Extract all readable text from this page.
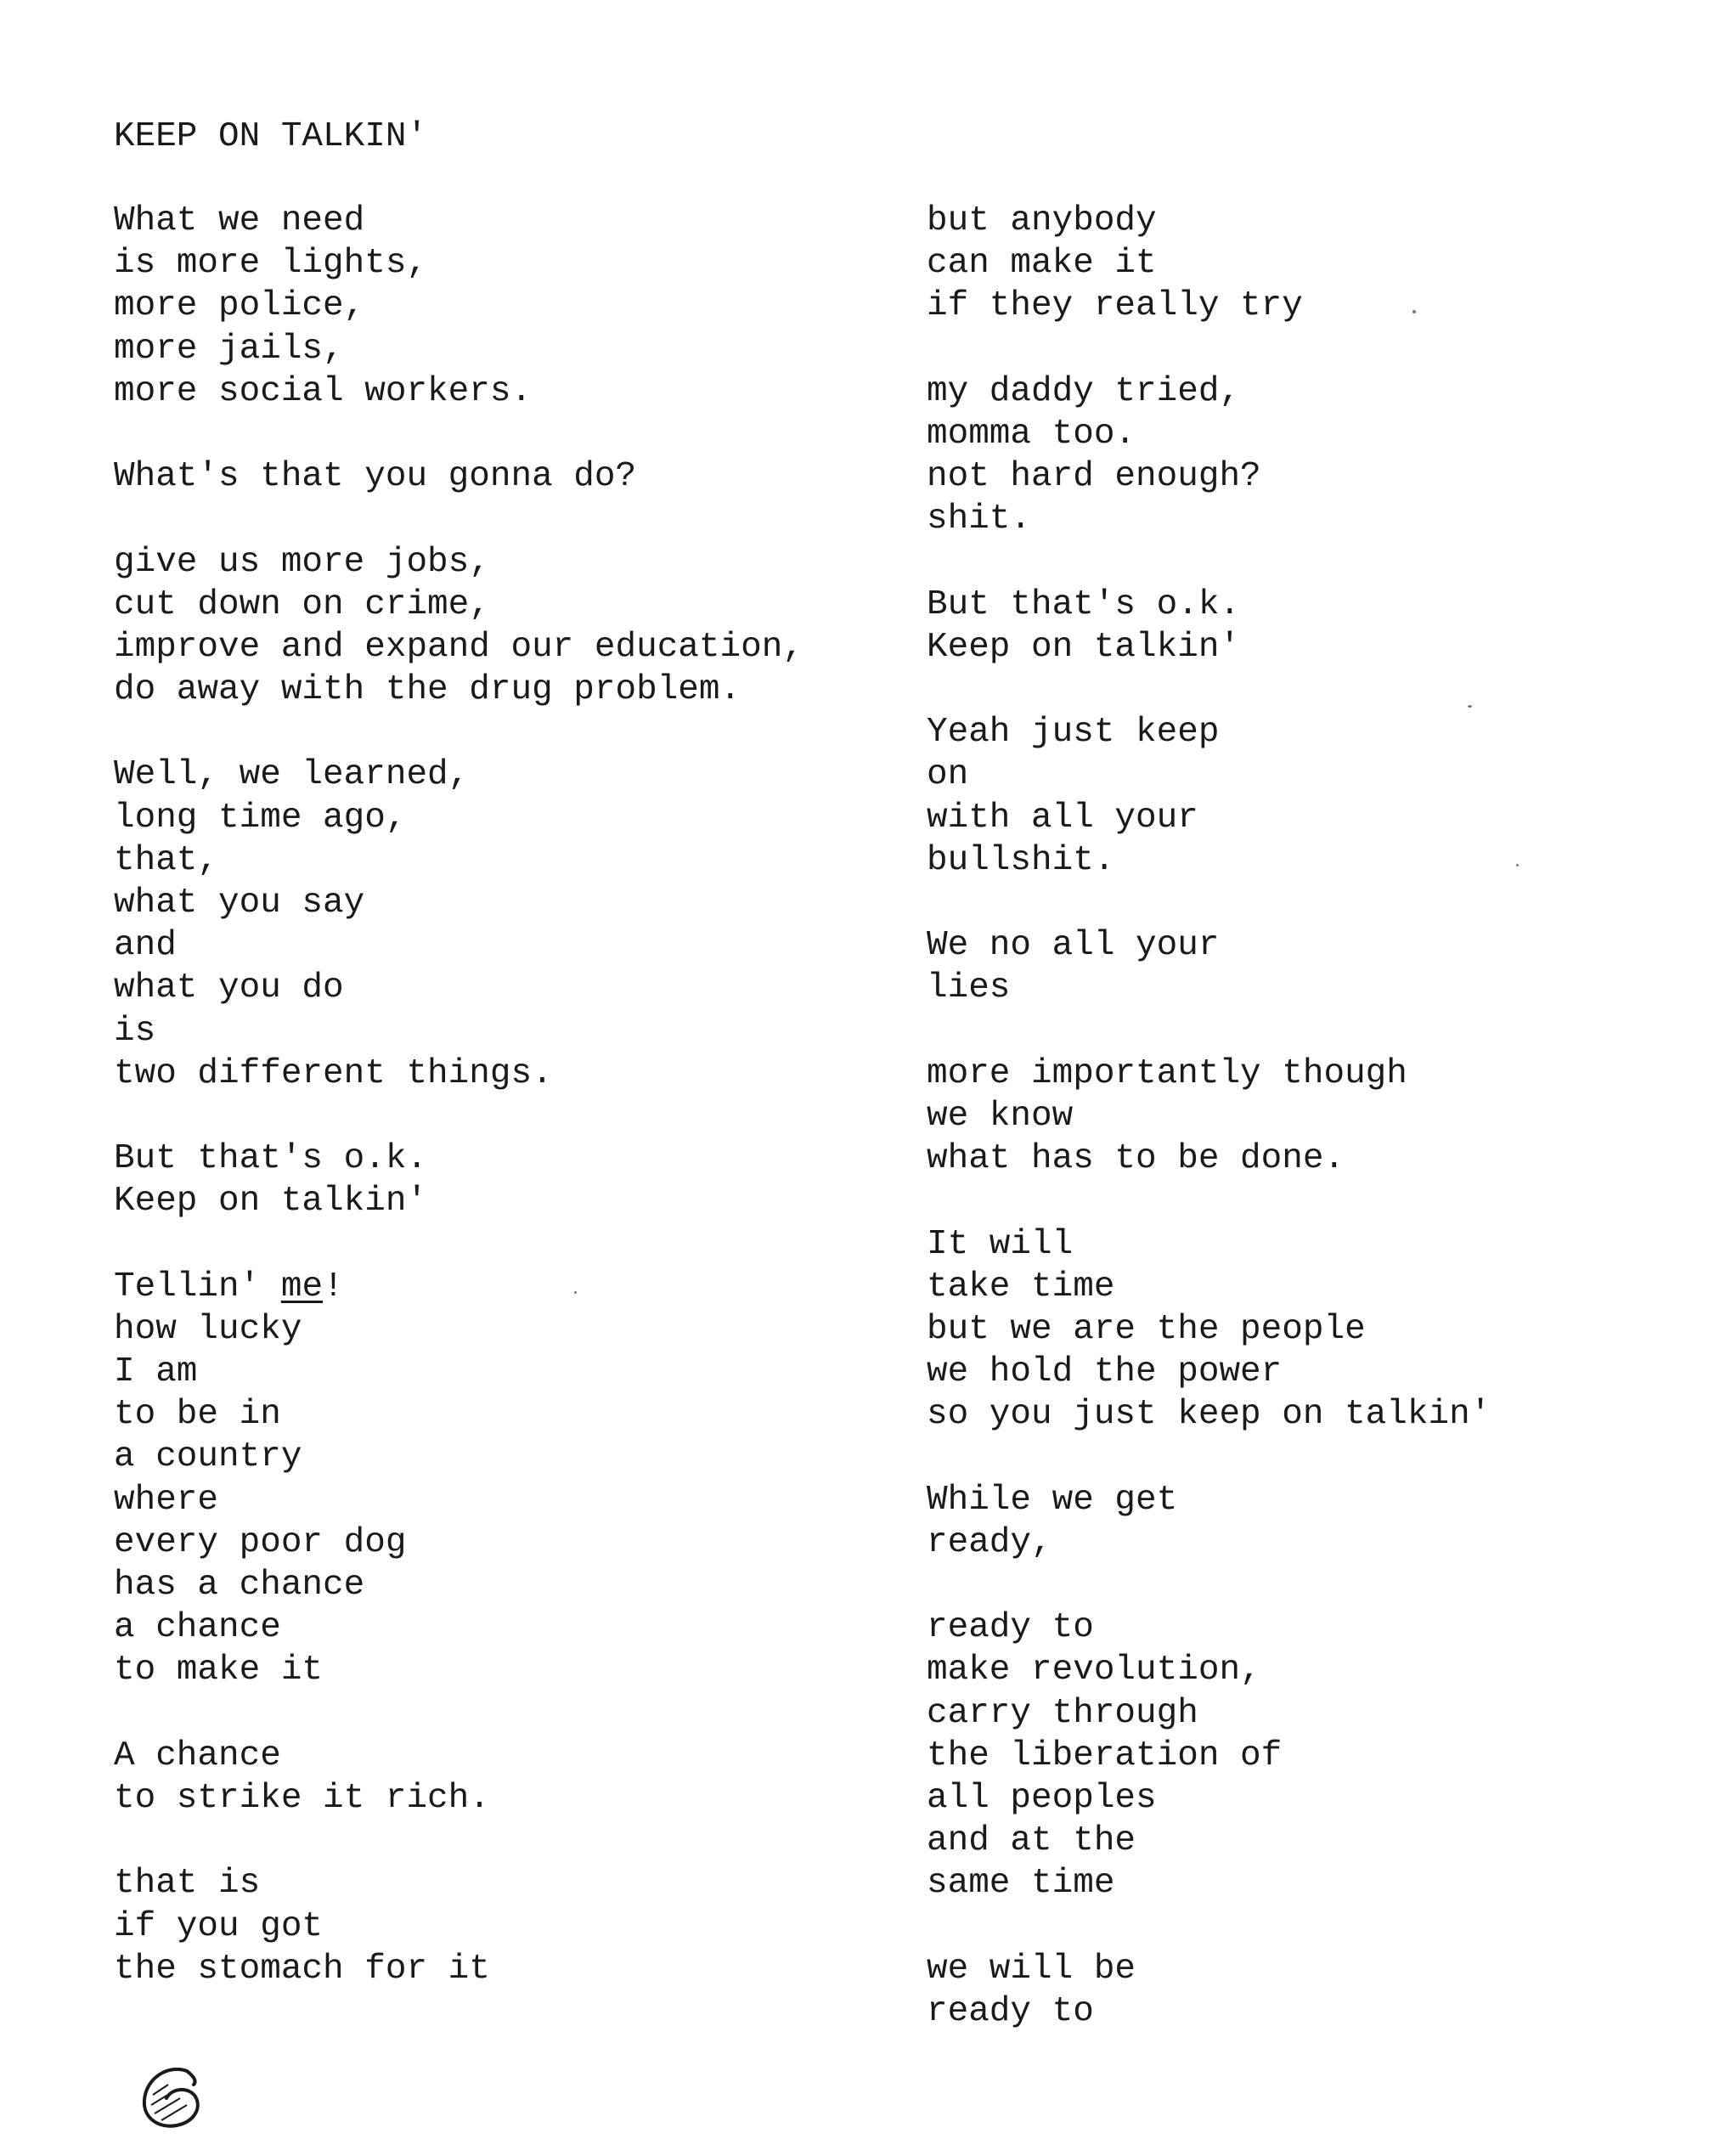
KEEP ON TALKIN'
What we need
is more lights,
more police,
more jails,
more social workers.
What's that you gonna do?
give us more jobs,
cut down on crime,
improve and expand our education,
do away with the drug problem.
Well, we learned,
long time ago,
that,
what you say
and
what you do
is
two different things.
But that's o.k.
Keep on talkin'
Tellin' me!
how lucky
I am
to be in
a country
where
every poor dog
has a chance
a chance
to make it
A chance
to strike it rich.
that is
if you got
the stomach for it
but anybody
can make it
if they really try
my daddy tried,
momma too.
not hard enough?
shit.
But that's o.k.
Keep on talkin'
Yeah just keep
on
with all your
bullshit.
We no all your
lies
more importantly though
we know
what has to be done.
It will
take time
but we are the people
we hold the power
so you just keep on talkin'
While we get
ready,
ready to
make revolution,
carry through
the liberation of
all peoples
and at the
same time
we will be
ready to
6
